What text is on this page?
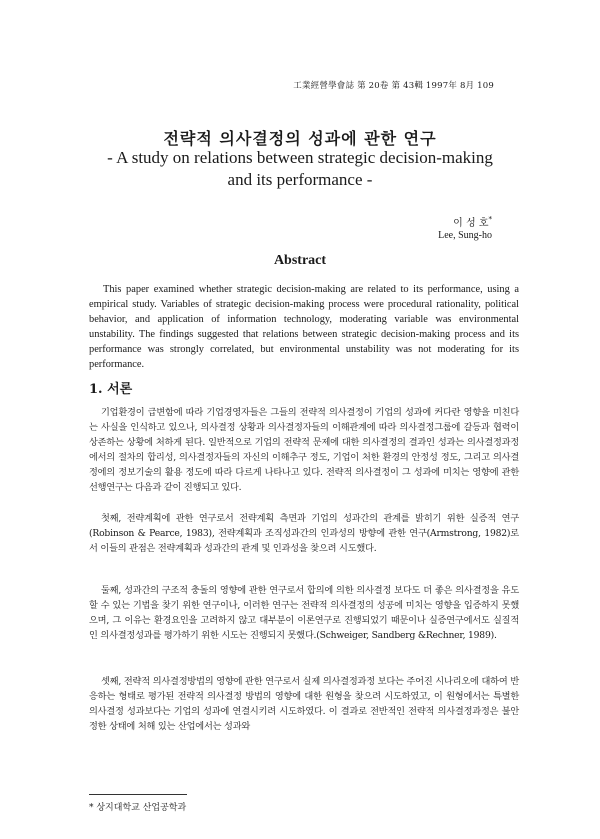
工業經營學會誌 第 20卷 第 43輯 1997年 8月 109
전략적 의사결정의 성과에 관한 연구
- A study on relations between strategic decision-making
and its performance -
이 성 호*
Lee, Sung-ho
Abstract
This paper examined whether strategic decision-making are related to its performance, using a empirical study. Variables of strategic decision-making process were procedural rationality, political behavior, and application of information technology, moderating variable was environmental unstability. The findings suggested that relations between strategic decision-making process and its performance was strongly correlated, but environmental unstability was not moderating for its performance.
1. 서론
기업환경이 급변함에 따라 기업경영자들은 그들의 전략적 의사결정이 기업의 성과에 커다란 영향을 미친다는 사실을 인식하고 있으나, 의사결정 상황과 의사결정자들의 이해관계에 따라 의사결정그룹에 갈등과 협력이 상존하는 상황에 처하게 된다. 일반적으로 기업의 전략적 문제에 대한 의사결정의 결과인 성과는 의사결정과정에서의 절차의 합리성, 의사결정자들의 자신의 이해추구 정도, 기업이 처한 환경의 안정성 정도, 그리고 의사결정에의 정보기술의 활용 정도에 따라 다르게 나타나고 있다. 전략적 의사결정이 그 성과에 미치는 영향에 관한 선행연구는 다음과 같이 진행되고 있다.
첫째, 전략계획에 관한 연구로서 전략계획 측면과 기업의 성과간의 관계를 밝히기 위한 실증적 연구(Robinson & Pearce, 1983), 전략계획과 조직성과간의 인과성의 방향에 관한 연구(Armstrong, 1982)로서 이들의 관점은 전략계획과 성과간의 관계 및 인과성을 찾으려 시도했다.
둘째, 성과간의 구조적 충돌의 영향에 관한 연구로서 합의에 의한 의사결정 보다도 더 좋은 의사결정을 유도할 수 있는 기법을 찾기 위한 연구이나, 이러한 연구는 전략적 의사결정의 성공에 미치는 영향을 입증하지 못했으며, 그 이유는 환경요인을 고려하지 않고 대부분이 이론연구로 진행되었기 때문이나 실증연구에서도 실질적인 의사결정성과를 평가하기 위한 시도는 진행되지 못했다.(Schweiger, Sandberg &Rechner, 1989).
셋째, 전략적 의사결정방법의 영향에 관한 연구로서 실제 의사결정과정 보다는 주어진 시나리오에 대하여 반응하는 형태로 평가된 전략적 의사결정 방법의 영향에 대한 원형을 찾으려 시도하였고, 이 원형에서는 특별한 의사결정 성과보다는 기업의 성과에 연결시키려 시도하였다. 이 결과로 전반적인 전략적 의사결정과정은 불안정한 상태에 처해 있는 산업에서는 성과와
* 상지대학교 산업공학과
